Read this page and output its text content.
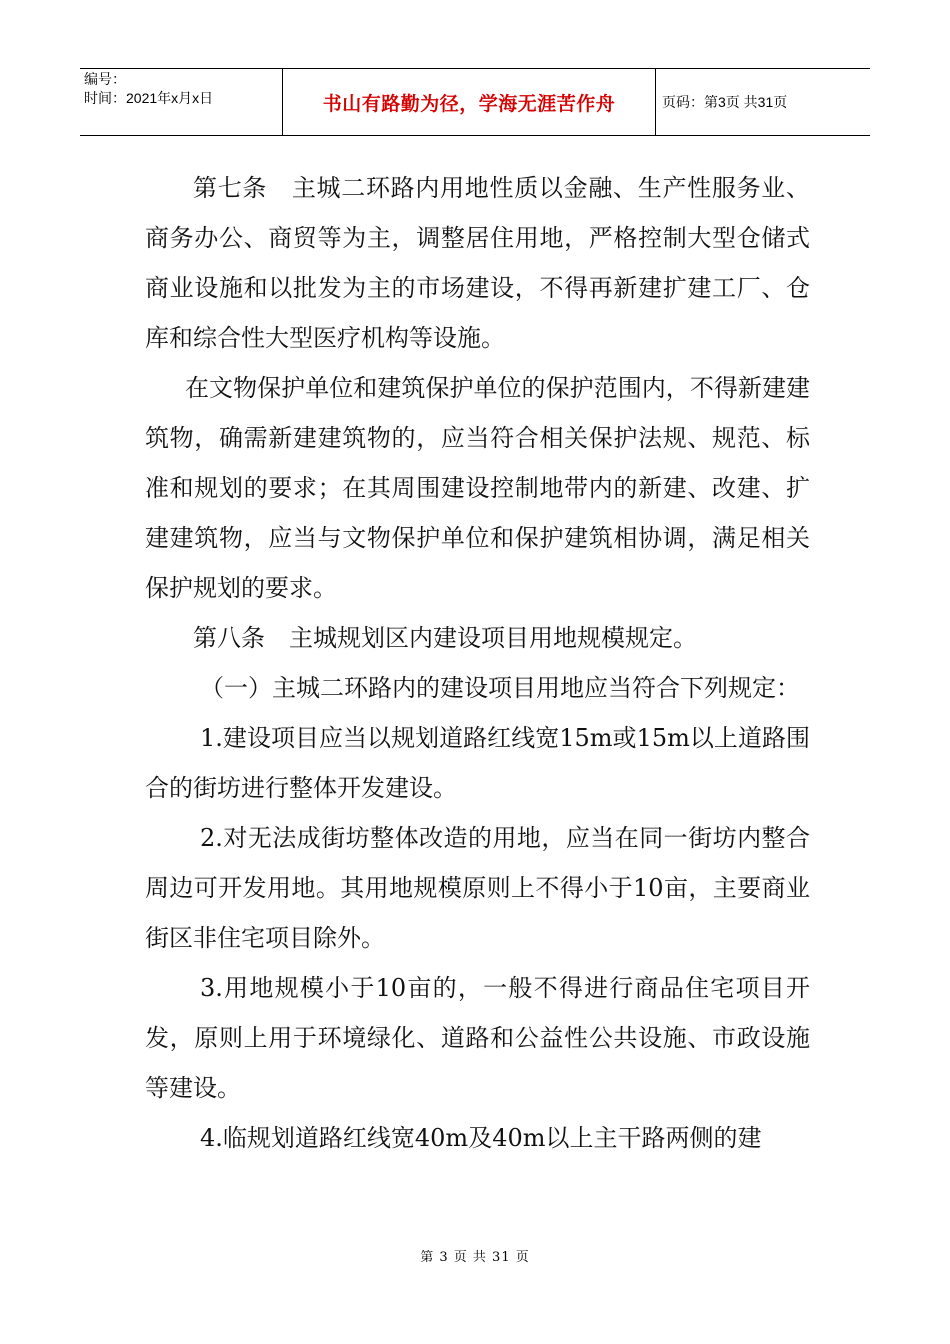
编号：
时间：2021年x月x日	书山有路勤为径，学海无涯苦作舟	页码：第3页 共31页

第七条　主城二环路内用地性质以金融、生产性服务业、商务办公、商贸等为主，调整居住用地，严格控制大型仓储式商业设施和以批发为主的市场建设，不得再新建扩建工厂、仓库和综合性大型医疗机构等设施。

在文物保护单位和建筑保护单位的保护范围内，不得新建建筑物，确需新建建筑物的，应当符合相关保护法规、规范、标准和规划的要求；在其周围建设控制地带内的新建、改建、扩建建筑物，应当与文物保护单位和保护建筑相协调，满足相关保护规划的要求。

第八条　主城规划区内建设项目用地规模规定。

（一）主城二环路内的建设项目用地应当符合下列规定：

1.建设项目应当以规划道路红线宽15m或15m以上道路围合的街坊进行整体开发建设。

2.对无法成街坊整体改造的用地，应当在同一街坊内整合周边可开发用地。其用地规模原则上不得小于10亩，主要商业街区非住宅项目除外。

3.用地规模小于10亩的，一般不得进行商品住宅项目开发，原则上用于环境绿化、道路和公益性公共设施、市政设施等建设。

4.临规划道路红线宽40m及40m以上主干路两侧的建

第 3 页 共 31 页
